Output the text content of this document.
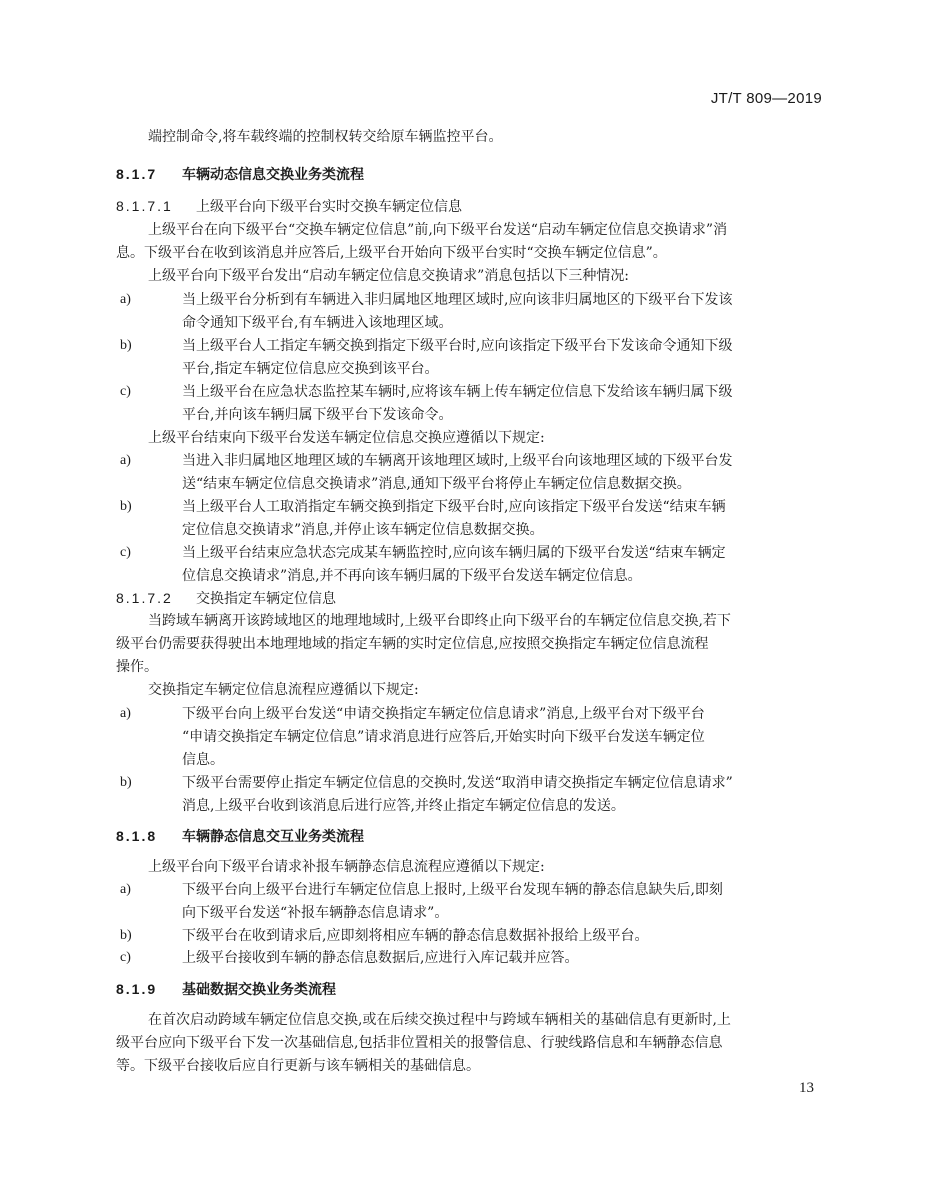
JT/T 809—2019
端控制命令,将车载终端的控制权转交给原车辆监控平台。
8.1.7 车辆动态信息交换业务类流程
8.1.7.1 上级平台向下级平台实时交换车辆定位信息
上级平台在向下级平台“交换车辆定位信息”前,向下级平台发送“启动车辆定位信息交换请求”消
息。下级平台在收到该消息并应答后,上级平台开始向下级平台实时“交换车辆定位信息”。
上级平台向下级平台发出“启动车辆定位信息交换请求”消息包括以下三种情况:
a)	当上级平台分析到有车辆进入非归属地区地理区域时,应向该非归属地区的下级平台下发该
命令通知下级平台,有车辆进入该地理区域。
b)	当上级平台人工指定车辆交换到指定下级平台时,应向该指定下级平台下发该命令通知下级
平台,指定车辆定位信息应交换到该平台。
c)	当上级平台在应急状态监控某车辆时,应将该车辆上传车辆定位信息下发给该车辆归属下级
平台,并向该车辆归属下级平台下发该命令。
上级平台结束向下级平台发送车辆定位信息交换应遵循以下规定:
a)	当进入非归属地区地理区域的车辆离开该地理区域时,上级平台向该地理区域的下级平台发
送“结束车辆定位信息交换请求”消息,通知下级平台将停止车辆定位信息数据交换。
b)	当上级平台人工取消指定车辆交换到指定下级平台时,应向该指定下级平台发送“结束车辆
定位信息交换请求”消息,并停止该车辆定位信息数据交换。
c)	当上级平台结束应急状态完成某车辆监控时,应向该车辆归属的下级平台发送“结束车辆定
位信息交换请求”消息,并不再向该车辆归属的下级平台发送车辆定位信息。
8.1.7.2 交换指定车辆定位信息
当跨域车辆离开该跨域地区的地理地域时,上级平台即终止向下级平台的车辆定位信息交换,若下
级平台仍需要获得驶出本地理地域的指定车辆的实时定位信息,应按照交换指定车辆定位信息流程
操作。
交换指定车辆定位信息流程应遵循以下规定:
a)	下级平台向上级平台发送“申请交换指定车辆定位信息请求”消息,上级平台对下级平台
“申请交换指定车辆定位信息”请求消息进行应答后,开始实时向下级平台发送车辆定位
信息。
b)	下级平台需要停止指定车辆定位信息的交换时,发送“取消申请交换指定车辆定位信息请求”
消息,上级平台收到该消息后进行应答,并终止指定车辆定位信息的发送。
8.1.8 车辆静态信息交互业务类流程
上级平台向下级平台请求补报车辆静态信息流程应遵循以下规定:
a)	下级平台向上级平台进行车辆定位信息上报时,上级平台发现车辆的静态信息缺失后,即刻
向下级平台发送“补报车辆静态信息请求”。
b)	下级平台在收到请求后,应即刻将相应车辆的静态信息数据补报给上级平台。
c)	上级平台接收到车辆的静态信息数据后,应进行入库记载并应答。
8.1.9 基础数据交换业务类流程
在首次启动跨域车辆定位信息交换,或在后续交换过程中与跨域车辆相关的基础信息有更新时,上
级平台应向下级平台下发一次基础信息,包括非位置相关的报警信息、行驶线路信息和车辆静态信息
等。下级平台接收后应自行更新与该车辆相关的基础信息。
13
